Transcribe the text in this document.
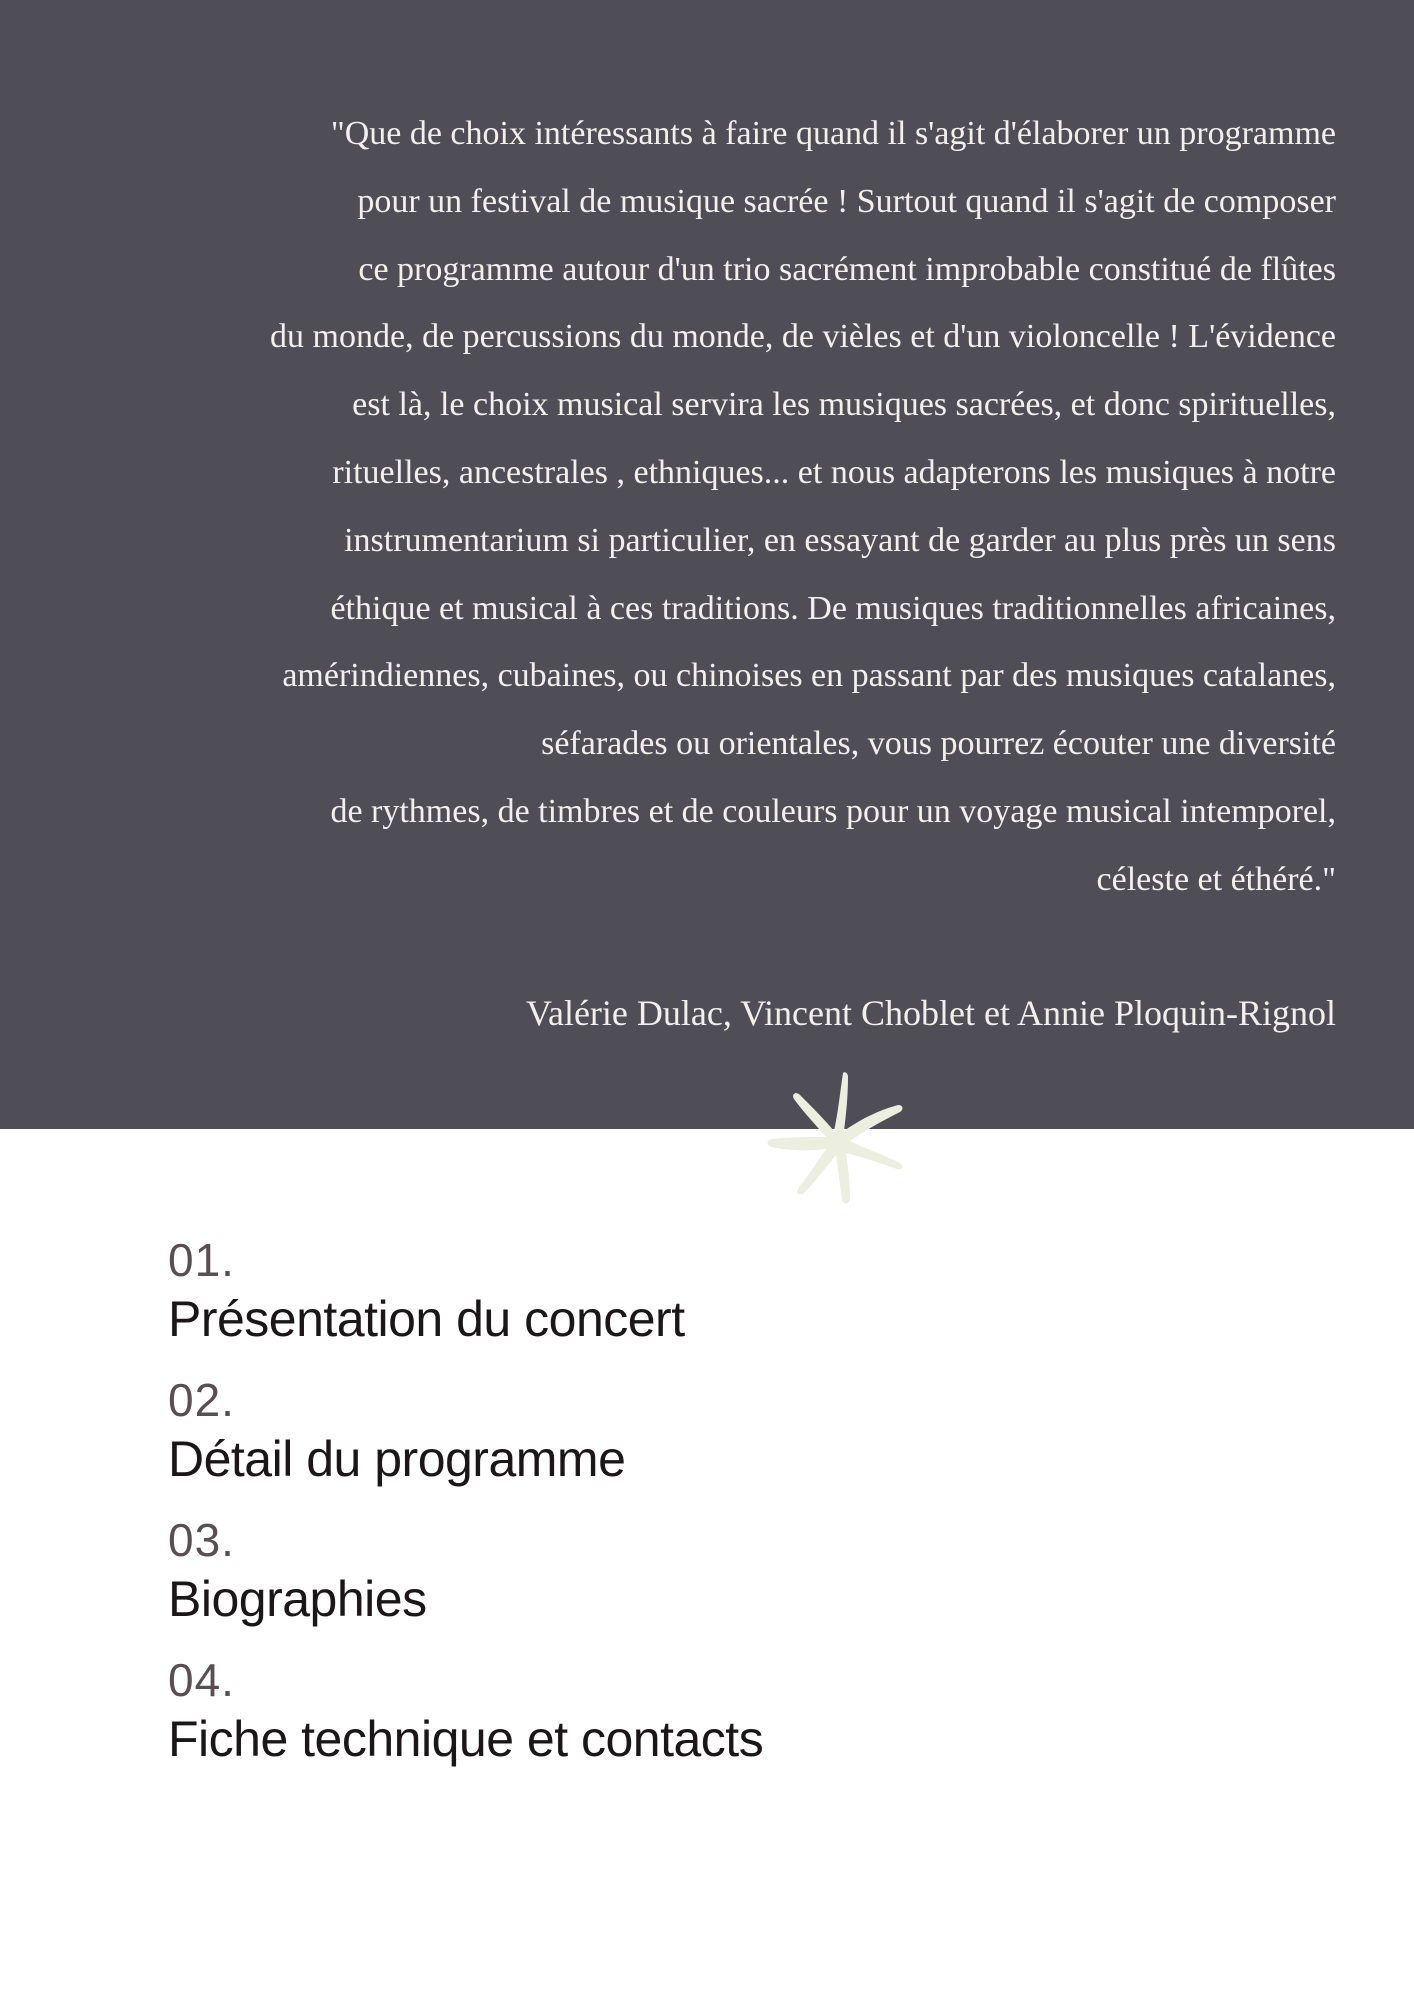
"Que de choix intéressants à faire quand il s'agit d'élaborer un programme
pour un festival de musique sacrée ! Surtout quand il s'agit de composer
ce programme autour d'un trio sacrément improbable constitué de flûtes
du monde, de percussions du monde, de vièles et d'un violoncelle ! L'évidence
est là, le choix musical servira les musiques sacrées, et donc spirituelles,
rituelles, ancestrales , ethniques... et nous adapterons les musiques à notre
instrumentarium si particulier, en essayant de garder au plus près un sens
éthique et musical à ces traditions. De musiques traditionnelles africaines,
amérindiennes, cubaines, ou chinoises en passant par des musiques catalanes,
séfarades ou orientales, vous pourrez écouter une diversité
de rythmes, de timbres et de couleurs pour un voyage musical intemporel,
céleste et éthéré."

Valérie Dulac, Vincent Choblet et Annie Ploquin-Rignol
01.
Présentation du concert
02.
Détail du programme
03.
Biographies
04.
Fiche technique et contacts
